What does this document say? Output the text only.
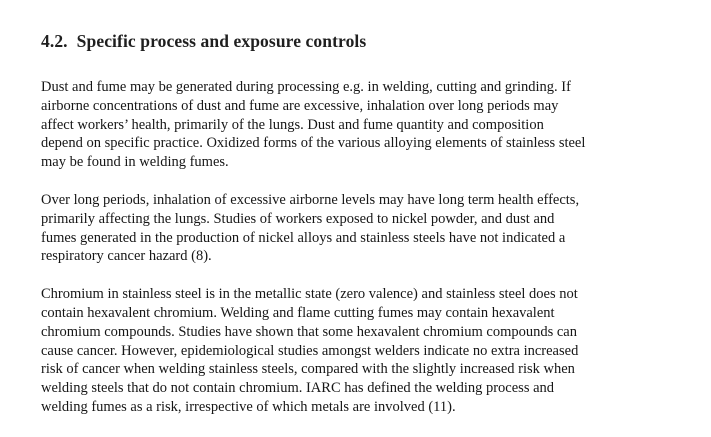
4.2. Specific process and exposure controls
Dust and fume may be generated during processing e.g. in welding, cutting and grinding. If
airborne concentrations of dust and fume are excessive, inhalation over long periods may
affect workers’ health, primarily of the lungs. Dust and fume quantity and composition
depend on specific practice. Oxidized forms of the various alloying elements of stainless steel
may be found in welding fumes.
Over long periods, inhalation of excessive airborne levels may have long term health effects,
primarily affecting the lungs. Studies of workers exposed to nickel powder, and dust and
fumes generated in the production of nickel alloys and stainless steels have not indicated a
respiratory cancer hazard (8).
Chromium in stainless steel is in the metallic state (zero valence) and stainless steel does not
contain hexavalent chromium. Welding and flame cutting fumes may contain hexavalent
chromium compounds. Studies have shown that some hexavalent chromium compounds can
cause cancer. However, epidemiological studies amongst welders indicate no extra increased
risk of cancer when welding stainless steels, compared with the slightly increased risk when
welding steels that do not contain chromium. IARC has defined the welding process and
welding fumes as a risk, irrespective of which metals are involved (11).
